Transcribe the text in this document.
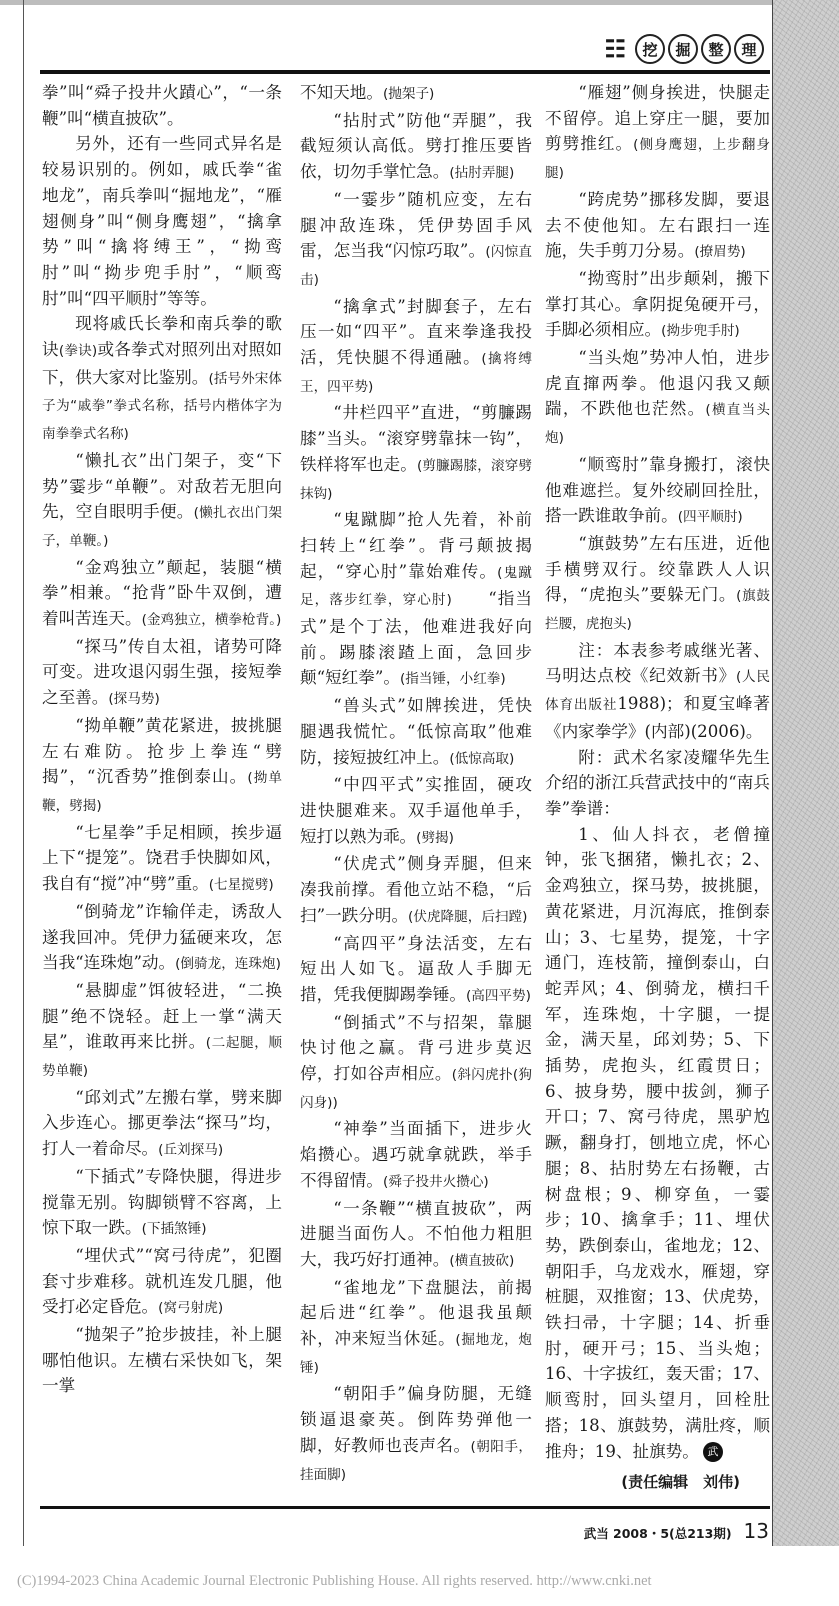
☷	挖	掘	整	理

拳”叫“舜子投井火蹟心”，“一条鞭”叫“横直披砍”。

另外，还有一些同式异名是较易识别的。例如，戚氏拳“雀地龙”，南兵拳叫“掘地龙”，“雁翅侧身”叫“侧身鹰翅”，“擒拿势”叫“擒将缚王”，“拗鸾肘”叫“拗步兜手肘”，“顺鸾肘”叫“四平顺肘”等等。

现将戚氏长拳和南兵拳的歌诀(拳诀)或各拳式对照列出对照如下，供大家对比鉴别。(括号外宋体子为“戚拳”拳式名称，括号内楷体字为南拳拳式名称)

“懒扎衣”出门架子，变“下势”霎步“单鞭”。对敌若无胆向先，空自眼明手便。(懒扎衣出门架子，单鞭。)

“金鸡独立”颠起，装腿“横拳”相兼。“抢背”卧牛双倒，遭着叫苦连天。(金鸡独立，横拳枪背。)

“探马”传自太祖，诸势可降可变。进攻退闪弱生强，接短拳之至善。(探马势)

“拗单鞭”黄花紧进，披挑腿左右难防。抢步上拳连“劈揭”，“沉香势”推倒泰山。(拗单鞭，劈揭)

“七星拳”手足相顾，挨步逼上下“提笼”。饶君手快脚如风，我自有“搅”冲“劈”重。(七星搅劈)

“倒骑龙”诈输佯走，诱敌人遂我回冲。凭伊力猛硬来攻，怎当我“连珠炮”动。(倒骑龙，连珠炮)

“悬脚虚”饵彼轻进，“二换腿”绝不饶轻。赶上一掌“满天星”，谁敢再来比拼。(二起腿，顺势单鞭)

“邱刘式”左搬右掌，劈来脚入步连心。挪更拳法“探马”均，打人一着命尽。(丘刘探马)

“下插式”专降快腿，得进步搅靠无别。钩脚锁臂不容离，上惊下取一跌。(下插煞锤)

“埋伏式”“窝弓待虎”，犯圈套寸步难移。就机连发几腿，他受打必定昏危。(窝弓射虎)

“抛架子”抢步披挂，补上腿哪怕他识。左横右采快如飞，架一掌

不知天地。(抛架子)

“拈肘式”防他“弄腿”，我截短须认高低。劈打推压要皆依，切勿手掌忙急。(拈肘弄腿)

“一霎步”随机应变，左右腿冲敌连珠，凭伊势固手风雷，怎当我“闪惊巧取”。(闪惊直击)

“擒拿式”封脚套子，左右压一如“四平”。直来拳逢我投活，凭快腿不得通融。(擒将缚王，四平势)

“井栏四平”直进，“剪臁踢膝”当头。“滚穿劈靠抹一钩”，铁样将军也走。(剪臁踢膝，滚穿劈抹钩)

“鬼蹴脚”抢人先着，补前扫转上“红拳”。背弓颠披揭起，“穿心肘”靠始难传。(鬼蹴足，落步红拳，穿心肘)　　“指当式”是个丁法，他难进我好向前。踢膝滚蹅上面，急回步颠“短红拳”。(指当锤，小红拳)

“兽头式”如牌挨进，凭快腿遇我慌忙。“低惊高取”他难防，接短披红冲上。(低惊高取)

“中四平式”实推固，硬攻进快腿难来。双手逼他单手，短打以熟为乖。(劈揭)

“伏虎式”侧身弄腿，但来凑我前撑。看他立站不稳，“后扫”一跌分明。(伏虎降腿，后扫蹚)

“高四平”身法活变，左右短出人如飞。逼敌人手脚无措，凭我便脚踢拳锤。(高四平势)

“倒插式”不与招架，靠腿快讨他之赢。背弓进步莫迟停，打如谷声相应。(斜闪虎扑(狗闪身))

“神拳”当面插下，进步火焰攒心。遇巧就拿就跌，举手不得留情。(舜子投井火攒心)

“一条鞭”“横直披砍”，两进腿当面伤人。不怕他力粗胆大，我巧好打通神。(横直披砍)

“雀地龙”下盘腿法，前揭起后进“红拳”。他退我虽颠补，冲来短当休延。(掘地龙，炮锤)

“朝阳手”偏身防腿，无缝锁逼退豪英。倒阵势弹他一脚，好教师也丧声名。(朝阳手，挂面脚)

“雁翅”侧身挨进，快腿走不留停。追上穿庄一腿，要加剪劈推红。(侧身鹰翅，上步翻身腿)

“跨虎势”挪移发脚，要退去不使他知。左右跟扫一连施，失手剪刀分易。(撩眉势)

“拗鸾肘”出步颠剁，搬下掌打其心。拿阴捉兔硬开弓，手脚必须相应。(拗步兜手肘)

“当头炮”势冲人怕，进步虎直撺两拳。他退闪我又颠踹，不跌他也茫然。(横直当头炮)

“顺鸾肘”靠身搬打，滚快他难遮拦。复外绞刷回拴肚，搭一跌谁敢争前。(四平顺肘)

“旗鼓势”左右压进，近他手横劈双行。绞靠跌人人识得，“虎抱头”要躲无门。(旗鼓拦腰，虎抱头)

注：本表参考戚继光著、马明达点校《纪效新书》(人民体育出版社1988)；和夏宝峰著《内家拳学》(内部)(2006)。

附：武术名家凌耀华先生介绍的浙江兵营武技中的“南兵拳”拳谱：

1、仙人抖衣，老僧撞钟，张飞捆猪，懒扎衣；2、金鸡独立，探马势，披挑腿，黄花紧进，月沉海底，推倒泰山；3、七星势，提笼，十字通门，连枝箭，撞倒泰山，白蛇弄风；4、倒骑龙，横扫千军，连珠炮，十字腿，一提金，满天星，邱刘势；5、下插势，虎抱头，红霞贯日；6、披身势，腰中拔剑，狮子开口；7、窝弓待虎，黑驴尥蹶，翻身打，刨地立虎，怀心腿；8、拈肘势左右扬鞭，古树盘根；9、柳穿鱼，一霎步；10、擒拿手；11、埋伏势，跌倒泰山，雀地龙；12、朝阳手，乌龙戏水，雁翅，穿桩腿，双推窗；13、伏虎势，铁扫帚，十字腿；14、折垂肘，硬开弓；15、当头炮；16、十字拔红，轰天雷；17、顺鸾肘，回头望月，回栓肚搭；18、旗鼓势，满肚疼，顺推舟；19、扯旗势。 武

(责任编辑　刘伟)
武当 2008・5(总213期) 13
(C)1994-2023 China Academic Journal Electronic Publishing House. All rights reserved. http://www.cnki.net
